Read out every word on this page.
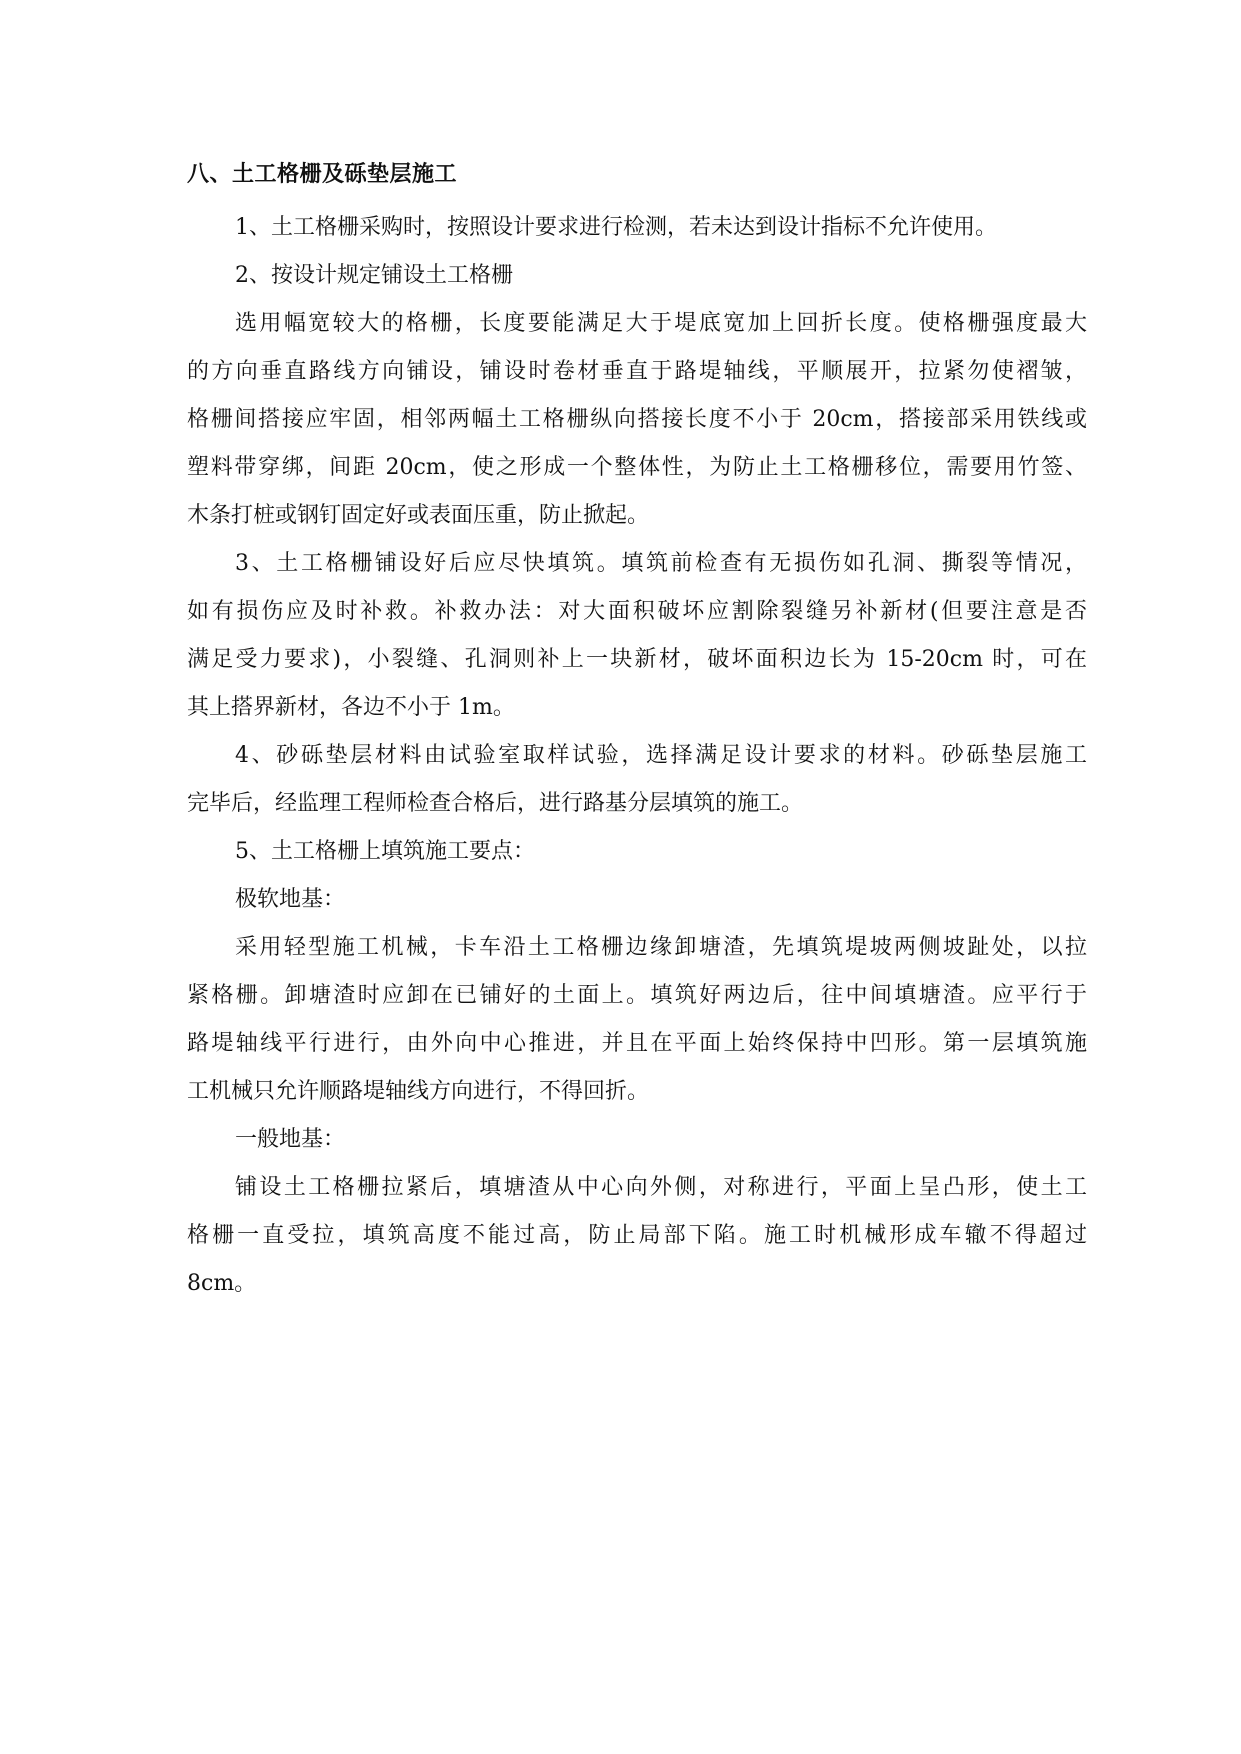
八、土工格栅及砾垫层施工

1、土工格栅采购时，按照设计要求进行检测，若未达到设计指标不允许使用。

2、按设计规定铺设土工格栅

选用幅宽较大的格栅，长度要能满足大于堤底宽加上回折长度。使格栅强度最大
的方向垂直路线方向铺设，铺设时卷材垂直于路堤轴线，平顺展开，拉紧勿使褶皱，
格栅间搭接应牢固，相邻两幅土工格栅纵向搭接长度不小于 20cm，搭接部采用铁线或
塑料带穿绑，间距 20cm，使之形成一个整体性，为防止土工格栅移位，需要用竹签、
木条打桩或钢钉固定好或表面压重，防止掀起。

3、土工格栅铺设好后应尽快填筑。填筑前检查有无损伤如孔洞、撕裂等情况，
如有损伤应及时补救。补救办法：对大面积破坏应割除裂缝另补新材(但要注意是否
满足受力要求)，小裂缝、孔洞则补上一块新材，破坏面积边长为 15-20cm 时，可在
其上搭界新材，各边不小于 1m。

4、砂砾垫层材料由试验室取样试验，选择满足设计要求的材料。砂砾垫层施工
完毕后，经监理工程师检查合格后，进行路基分层填筑的施工。

5、土工格栅上填筑施工要点：

极软地基：

采用轻型施工机械，卡车沿土工格栅边缘卸塘渣，先填筑堤坡两侧坡趾处，以拉
紧格栅。卸塘渣时应卸在已铺好的土面上。填筑好两边后，往中间填塘渣。应平行于
路堤轴线平行进行，由外向中心推进，并且在平面上始终保持中凹形。第一层填筑施
工机械只允许顺路堤轴线方向进行，不得回折。

一般地基：

铺设土工格栅拉紧后，填塘渣从中心向外侧，对称进行，平面上呈凸形，使土工
格栅一直受拉，填筑高度不能过高，防止局部下陷。施工时机械形成车辙不得超过
8cm。
